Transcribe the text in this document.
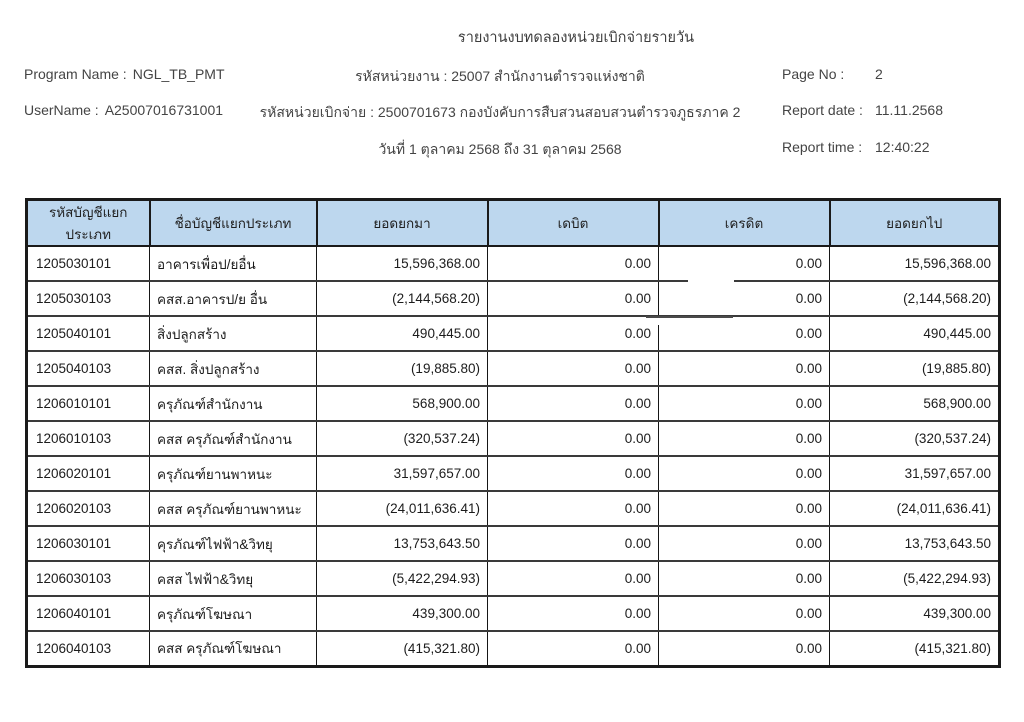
รายงานงบทดลองหน่วยเบิกจ่ายรายวัน
Program Name : NGL_TB_PMT	รหัสหน่วยงาน : 25007 สำนักงานตำรวจแห่งชาติ	Page No : 2
UserName : A25007016731001	รหัสหน่วยเบิกจ่าย : 2500701673 กองบังคับการสืบสวนสอบสวนตำรวจภูธรภาค 2	Report date : 11.11.2568
วันที่ 1 ตุลาคม 2568 ถึง 31 ตุลาคม 2568	Report time : 12:40:22
รหัสบัญชีแยกประเภท	ชื่อบัญชีแยกประเภท	ยอดยกมา	เดบิต	เครดิต	ยอดยกไป
1205030101	อาคารเพื่อป/ยอื่น	15,596,368.00	0.00	0.00	15,596,368.00
1205030103	คสส.อาคารป/ย อื่น	(2,144,568.20)	0.00	0.00	(2,144,568.20)
1205040101	สิ่งปลูกสร้าง	490,445.00	0.00	0.00	490,445.00
1205040103	คสส. สิ่งปลูกสร้าง	(19,885.80)	0.00	0.00	(19,885.80)
1206010101	ครุภัณฑ์สำนักงาน	568,900.00	0.00	0.00	568,900.00
1206010103	คสส ครุภัณฑ์สำนักงาน	(320,537.24)	0.00	0.00	(320,537.24)
1206020101	ครุภัณฑ์ยานพาหนะ	31,597,657.00	0.00	0.00	31,597,657.00
1206020103	คสส ครุภัณฑ์ยานพาหนะ	(24,011,636.41)	0.00	0.00	(24,011,636.41)
1206030101	คุรภัณฑ์ไฟฟ้า&วิทยุ	13,753,643.50	0.00	0.00	13,753,643.50
1206030103	คสส ไฟฟ้า&วิทยุ	(5,422,294.93)	0.00	0.00	(5,422,294.93)
1206040101	ครุภัณฑ์โฆษณา	439,300.00	0.00	0.00	439,300.00
1206040103	คสส ครุภัณฑ์โฆษณา	(415,321.80)	0.00	0.00	(415,321.80)
